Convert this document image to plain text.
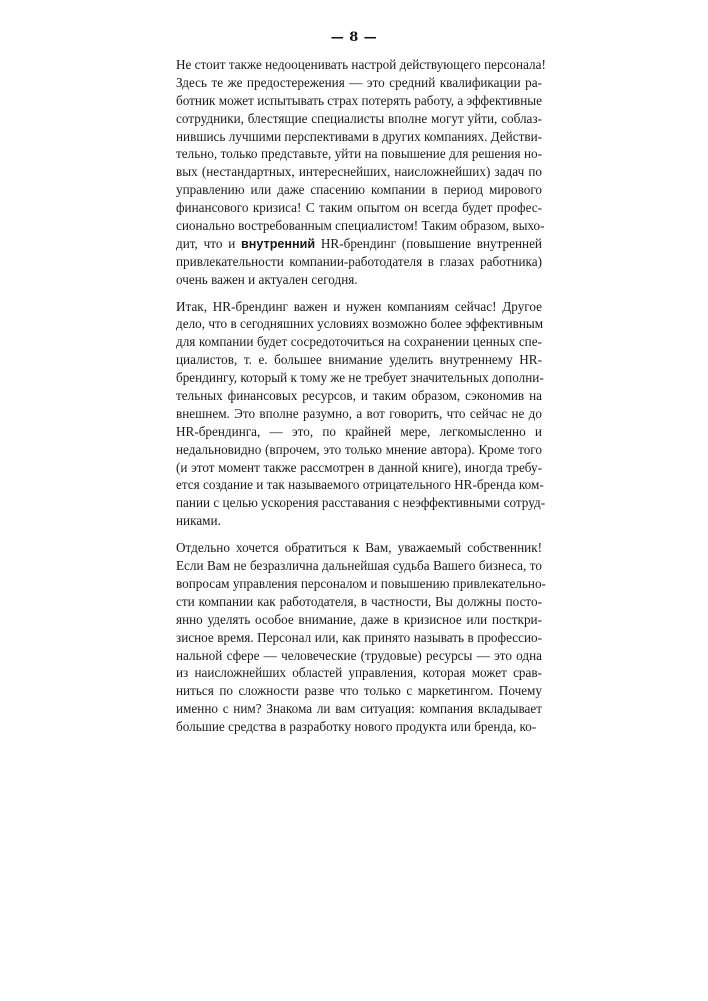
— 8 —
Не стоит также недооценивать настрой действующего персонала!
Здесь те же предостережения — это средний квалификации ра-
ботник может испытывать страх потерять работу, а эффективные
сотрудники, блестящие специалисты вполне могут уйти, соблаз-
нившись лучшими перспективами в других компаниях. Действи-
тельно, только представьте, уйти на повышение для решения но-
вых (нестандартных, интереснейших, наисложнейших) задач по
управлению или даже спасению компании в период мирового
финансового кризиса! С таким опытом он всегда будет профес-
сионально востребованным специалистом! Таким образом, выхо-
дит, что и внутренний HR-брендинг (повышение внутренней
привлекательности компании-работодателя в глазах работника)
очень важен и актуален сегодня.
Итак, HR-брендинг важен и нужен компаниям сейчас! Другое
дело, что в сегодняшних условиях возможно более эффективным
для компании будет сосредоточиться на сохранении ценных спе-
циалистов, т. е. большее внимание уделить внутреннему HR-
брендингу, который к тому же не требует значительных дополни-
тельных финансовых ресурсов, и таким образом, сэкономив на
внешнем. Это вполне разумно, а вот говорить, что сейчас не до
HR-брендинга, — это, по крайней мере, легкомысленно и
недальновидно (впрочем, это только мнение автора). Кроме того
(и этот момент также рассмотрен в данной книге), иногда требу-
ется создание и так называемого отрицательного HR-бренда ком-
пании с целью ускорения расставания с неэффективными сотруд-
никами.
Отдельно хочется обратиться к Вам, уважаемый собственник!
Если Вам не безразлична дальнейшая судьба Вашего бизнеса, то
вопросам управления персоналом и повышению привлекательно-
сти компании как работодателя, в частности, Вы должны посто-
янно уделять особое внимание, даже в кризисное или посткри-
зисное время. Персонал или, как принято называть в профессио-
нальной сфере — человеческие (трудовые) ресурсы — это одна
из наисложнейших областей управления, которая может срав-
ниться по сложности разве что только с маркетингом. Почему
именно с ним? Знакома ли вам ситуация: компания вкладывает
большие средства в разработку нового продукта или бренда, ко-
